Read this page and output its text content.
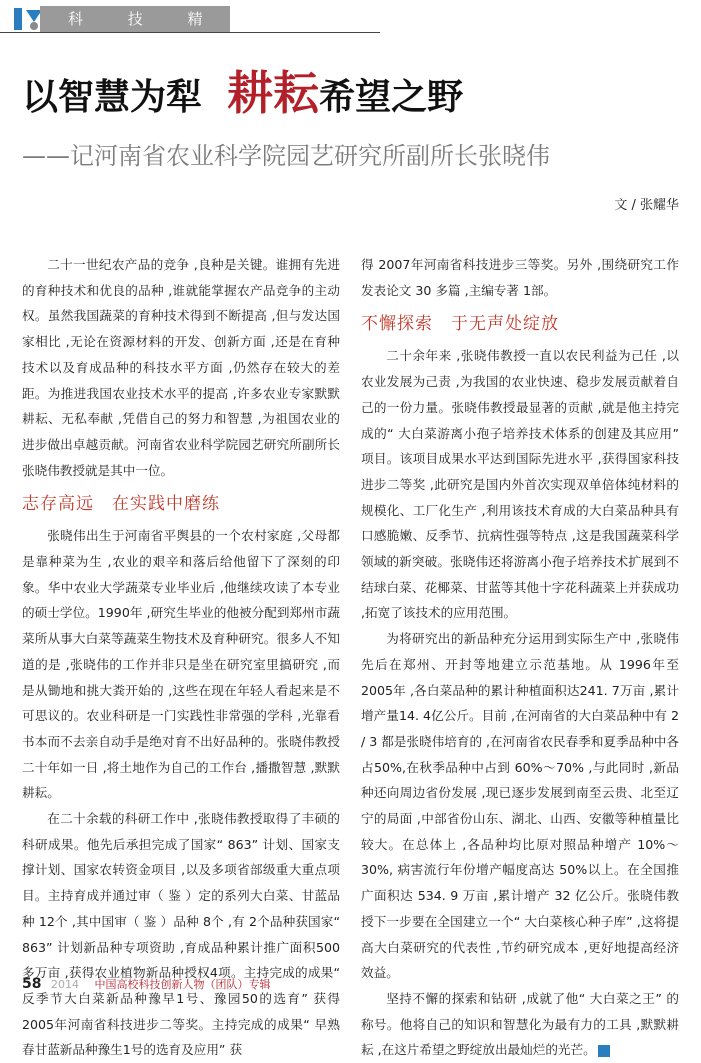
科 技 精 英
以智慧为犁 耕耘希望之野
——记河南省农业科学院园艺研究所副所长张晓伟
文 / 张耀华

二十一世纪农产品的竞争 ,良种是关键。谁拥有先进的育种技术和优良的品种 ,谁就能掌握农产品竞争的主动权。虽然我国蔬菜的育种技术得到不断提高 ,但与发达国家相比 ,无论在资源材料的开发、创新方面 ,还是在育种技术以及育成品种的科技水平方面 ,仍然存在较大的差距。为推进我国农业技术水平的提高 ,许多农业专家默默耕耘、无私奉献 ,凭借自己的努力和智慧 ,为祖国农业的进步做出卓越贡献。河南省农业科学院园艺研究所副所长张晓伟教授就是其中一位。

志存高远　在实践中磨练

张晓伟出生于河南省平舆县的一个农村家庭 ,父母都是靠种菜为生 ,农业的艰辛和落后给他留下了深刻的印象。华中农业大学蔬菜专业毕业后 ,他继续攻读了本专业的硕士学位。1990年 ,研究生毕业的他被分配到郑州市蔬菜所从事大白菜等蔬菜生物技术及育种研究。很多人不知道的是 ,张晓伟的工作并非只是坐在研究室里搞研究 ,而是从锄地和挑大粪开始的 ,这些在现在年轻人看起来是不可思议的。农业科研是一门实践性非常强的学科 ,光靠看书本而不去亲自动手是绝对育不出好品种的。张晓伟教授二十年如一日 ,将土地作为自己的工作台 ,播撒智慧 ,默默耕耘。

在二十余载的科研工作中 ,张晓伟教授取得了丰硕的科研成果。他先后承担完成了国家“ 863” 计划、国家支撑计划、国家农转资金项目 ,以及多项省部级重大重点项目。主持育成并通过审（ 鉴 ）定的系列大白菜、甘蓝品种 12个 ,其中国审（ 鉴 ）品种 8个 ,有 2个品种获国家“ 863” 计划新品种专项资助 ,育成品种累计推广面积500多万亩 ,获得农业植物新品种授权4项。主持完成的成果“ 反季节大白菜新品种豫早1号、豫园50的选育” 获得2005年河南省科技进步二等奖。主持完成的成果“ 早熟春甘蓝新品种豫生1号的选育及应用” 获

得 2007年河南省科技进步三等奖。另外 ,围绕研究工作发表论文 30 多篇 ,主编专著 1部。

不懈探索　于无声处绽放

二十余年来 ,张晓伟教授一直以农民利益为己任 ,以农业发展为己责 ,为我国的农业快速、稳步发展贡献着自己的一份力量。张晓伟教授最显著的贡献 ,就是他主持完成的“ 大白菜游离小孢子培养技术体系的创建及其应用” 项目。该项目成果水平达到国际先进水平 ,获得国家科技进步二等奖 ,此研究是国内外首次实现双单倍体纯材料的规模化、工厂化生产 ,利用该技术育成的大白菜品种具有口感脆嫩、反季节、抗病性强等特点 ,这是我国蔬菜科学领域的新突破。张晓伟还将游离小孢子培养技术扩展到不结球白菜、花椰菜、甘蓝等其他十字花科蔬菜上并获成功 ,拓宽了该技术的应用范围。

为将研究出的新品种充分运用到实际生产中 ,张晓伟先后在郑州、开封等地建立示范基地。从 1996年至 2005年 ,各白菜品种的累计种植面积达241. 7万亩 ,累计增产量14. 4亿公斤。目前 ,在河南省的大白菜品种中有 2 / 3 都是张晓伟培育的 ,在河南省农民春季和夏季品种中各占50%,在秋季品种中占到 60%～70% ,与此同时 ,新品种还向周边省份发展 ,现已逐步发展到南至云贵、北至辽宁的局面 ,中部省份山东、湖北、山西、安徽等种植量比较大。在总体上 ,各品种均比原对照品种增产 10%～30%, 病害流行年份增产幅度高达 50%以上。在全国推广面积达 534. 9 万亩 ,累计增产 32 亿公斤。张晓伟教授下一步要在全国建立一个“ 大白菜核心种子库” ,这将提高大白菜研究的代表性 ,节约研究成本 ,更好地提高经济效益。

坚持不懈的探索和钻研 ,成就了他“ 大白菜之王” 的称号。他将自己的知识和智慧化为最有力的工具 ,默默耕耘 ,在这片希望之野绽放出最灿烂的光芒。

58 2014 中国高校科技创新人物（团队）专辑
